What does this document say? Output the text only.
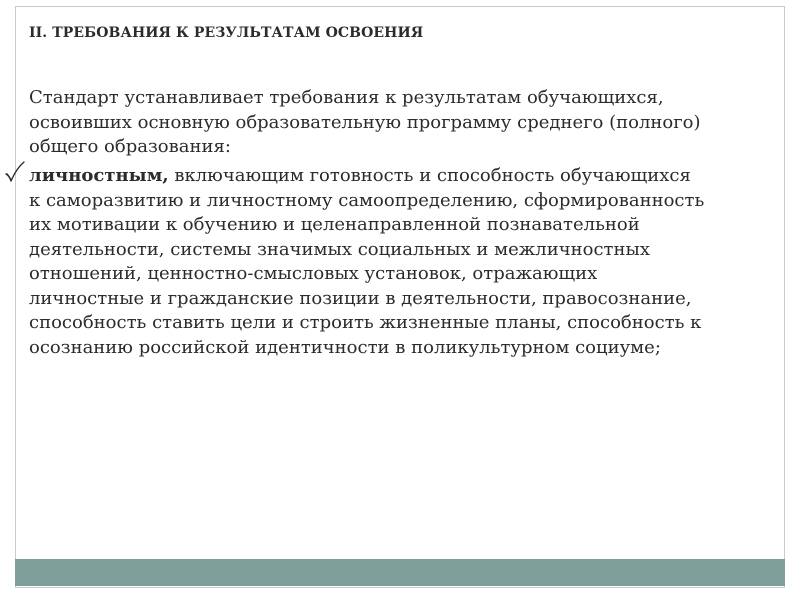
II. ТРЕБОВАНИЯ К РЕЗУЛЬТАТАМ ОСВОЕНИЯ

Стандарт устанавливает требования к результатам обучающихся,
освоивших основную образовательную программу среднего (полного)
общего образования:

личностным, включающим готовность и способность обучающихся
к саморазвитию и личностному самоопределению, сформированность
их мотивации к обучению и целенаправленной познавательной
деятельности, системы значимых социальных и межличностных
отношений, ценностно-смысловых установок, отражающих
личностные и гражданские позиции в деятельности, правосознание,
способность ставить цели и строить жизненные планы, способность к
осознанию российской идентичности в поликультурном социуме;
